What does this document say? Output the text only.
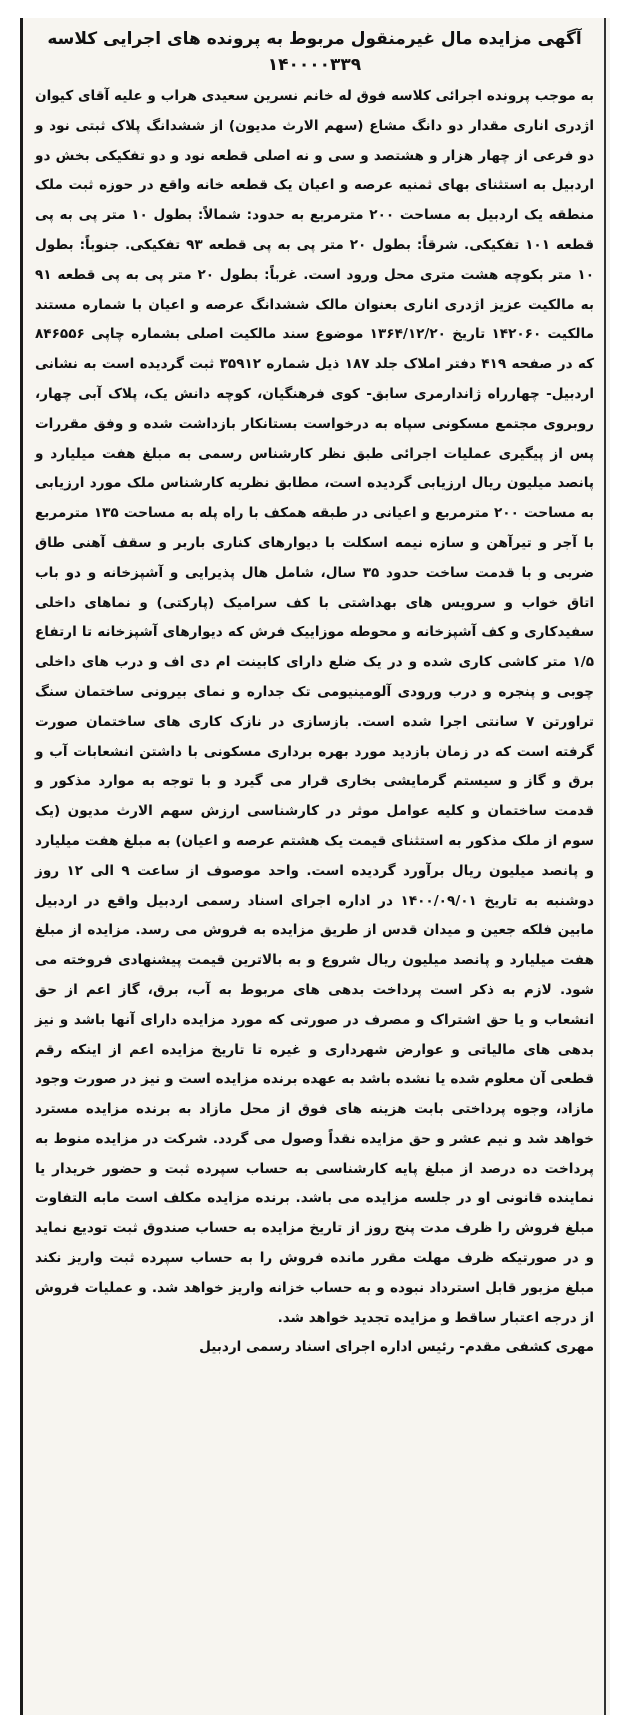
آگهی مزایده مال غیرمنقول مربوط به پرونده های اجرایی کلاسه
۱۴۰۰۰۰۳۳۹

به موجب پرونده اجرائی کلاسه فوق له خانم نسرین سعیدی هراب و علیه آقای کیوان اژدری اناری مقدار دو دانگ مشاع (سهم الارث مدیون) از ششدانگ پلاک ثبتی نود و دو فرعی از چهار هزار و هشتصد و سی و نه اصلی قطعه نود و دو تفکیکی بخش دو اردبیل به استثنای بهای ثمنیه عرصه و اعیان یک قطعه خانه واقع در حوزه ثبت ملک منطقه یک اردبیل به مساحت ۲۰۰ مترمربع به حدود: شمالاً: بطول ۱۰ متر پی به پی قطعه ۱۰۱ تفکیکی. شرقاً: بطول ۲۰ متر پی به پی قطعه ۹۳ تفکیکی. جنوباً: بطول ۱۰ متر بکوچه هشت متری محل ورود است. غرباً: بطول ۲۰ متر پی به پی قطعه ۹۱ به مالکیت عزیز اژدری اناری بعنوان مالک ششدانگ عرصه و اعیان با شماره مستند مالکیت ۱۴۲۰۶۰ تاریخ ۱۳۶۴/۱۲/۲۰ موضوع سند مالکیت اصلی بشماره چاپی ۸۴۶۵۵۶ که در صفحه ۴۱۹ دفتر املاک جلد ۱۸۷ ذیل شماره ۳۵۹۱۲ ثبت گردیده است به نشانی اردبیل- چهارراه ژاندارمری سابق- کوی فرهنگیان، کوچه دانش یک، پلاک آبی چهار، روبروی مجتمع مسکونی سپاه به درخواست بستانکار بازداشت شده و وفق مقررات پس از پیگیری عملیات اجرائی طبق نظر کارشناس رسمی به مبلغ هفت میلیارد و پانصد میلیون ریال ارزیابی گردیده است، مطابق نظریه کارشناس ملک مورد ارزیابی به مساحت ۲۰۰ مترمربع و اعیانی در طبقه همکف با راه پله به مساحت ۱۳۵ مترمربع با آجر و تیرآهن و سازه نیمه اسکلت با دیوارهای کناری باربر و سقف آهنی طاق ضربی و با قدمت ساخت حدود ۳۵ سال، شامل هال پذیرایی و آشپزخانه و دو باب اتاق خواب و سرویس های بهداشتی با کف سرامیک (پارکتی) و نماهای داخلی سفیدکاری و کف آشپزخانه و محوطه موزاییک فرش که دیوارهای آشپزخانه تا ارتفاع ۱/۵ متر کاشی کاری شده و در یک ضلع دارای کابینت ام دی اف و درب های داخلی چوبی و پنجره و درب ورودی آلومینیومی تک جداره و نمای بیرونی ساختمان سنگ تراورتن ۷ سانتی اجرا شده است. بازسازی در نازک کاری های ساختمان صورت گرفته است که در زمان بازدید مورد بهره برداری مسکونی با داشتن انشعابات آب و برق و گاز و سیستم گرمایشی بخاری قرار می گیرد و با توجه به موارد مذکور و قدمت ساختمان و کلیه عوامل موثر در کارشناسی ارزش سهم الارث مدیون (یک سوم از ملک مذکور به استثنای قیمت یک هشتم عرصه و اعیان) به مبلغ هفت میلیارد و پانصد میلیون ریال برآورد گردیده است. واحد موصوف از ساعت ۹ الی ۱۲ روز دوشنبه به تاریخ ۱۴۰۰/۰۹/۰۱ در اداره اجرای اسناد رسمی اردبیل واقع در اردبیل مابین فلکه جعین و میدان قدس از طریق مزایده به فروش می رسد. مزایده از مبلغ هفت میلیارد و پانصد میلیون ریال شروع و به بالاترین قیمت پیشنهادی فروخته می شود. لازم به ذکر است پرداخت بدهی های مربوط به آب، برق، گاز اعم از حق انشعاب و یا حق اشتراک و مصرف در صورتی که مورد مزایده دارای آنها باشد و نیز بدهی های مالیاتی و عوارض شهرداری و غیره تا تاریخ مزایده اعم از اینکه رقم قطعی آن معلوم شده یا نشده باشد به عهده برنده مزایده است و نیز در صورت وجود مازاد، وجوه پرداختی بابت هزینه های فوق از محل مازاد به برنده مزایده مسترد خواهد شد و نیم عشر و حق مزایده نقداً وصول می گردد. شرکت در مزایده منوط به پرداخت ده درصد از مبلغ پایه کارشناسی به حساب سپرده ثبت و حضور خریدار یا نماینده قانونی او در جلسه مزایده می باشد. برنده مزایده مکلف است مابه التفاوت مبلغ فروش را ظرف مدت پنج روز از تاریخ مزایده به حساب صندوق ثبت تودیع نماید و در صورتیکه ظرف مهلت مقرر مانده فروش را به حساب سپرده ثبت واریز نکند مبلغ مزبور قابل استرداد نبوده و به حساب خزانه واریز خواهد شد. و عملیات فروش از درجه اعتبار ساقط و مزایده تجدید خواهد شد.

مهری کشفی مقدم- رئیس اداره اجرای اسناد رسمی اردبیل
